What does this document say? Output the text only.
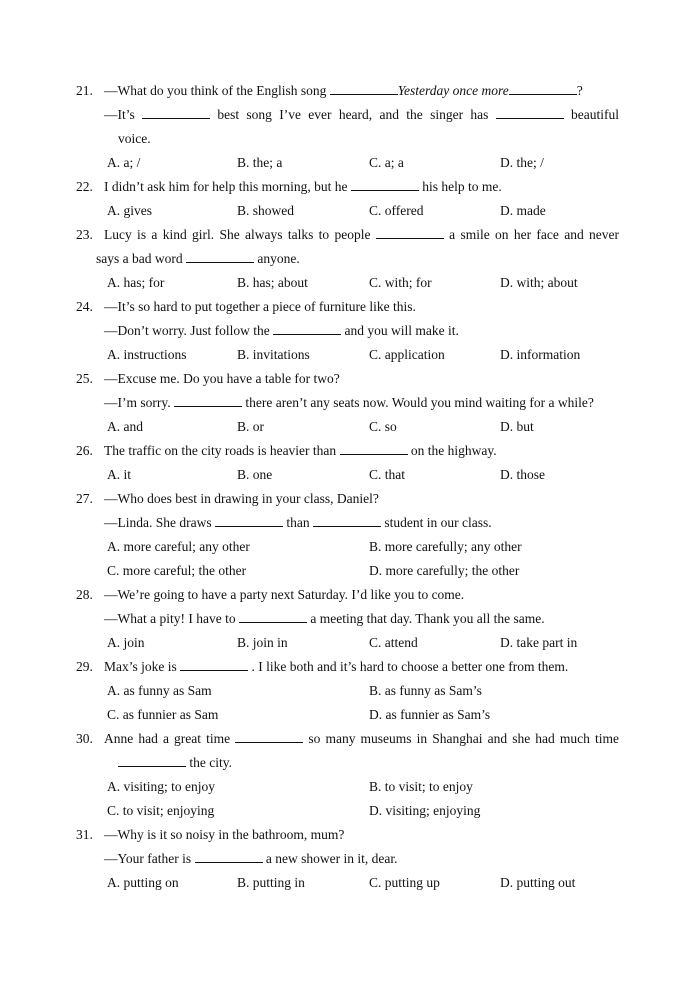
21. —What do you think of the English song	Yesterday once more	?
—It’s	best song I’ve ever heard, and the singer has	beautiful
voice.
A. a; /	B. the; a	C. a; a	D. the; /
22. I didn’t ask him for help this morning, but he	his help to me.
A. gives	B. showed	C. offered	D. made
23. Lucy is a kind girl. She always talks to people	a smile on her face and never
says a bad word	anyone.
A. has; for	B. has; about	C. with; for	D. with; about
24. —It’s so hard to put together a piece of furniture like this.
—Don’t worry. Just follow the	and you will make it.
A. instructions	B. invitations	C. application	D. information
25. —Excuse me. Do you have a table for two?
—I’m sorry.	there aren’t any seats now. Would you mind waiting for a while?
A. and	B. or	C. so	D. but
26. The traffic on the city roads is heavier than	on the highway.
A. it	B. one	C. that	D. those
27. —Who does best in drawing in your class, Daniel?
—Linda. She draws	than	student in our class.
A. more careful; any other	B. more carefully; any other
C. more careful; the other	D. more carefully; the other
28. —We’re going to have a party next Saturday. I’d like you to come.
—What a pity! I have to	a meeting that day. Thank you all the same.
A. join	B. join in	C. attend	D. take part in
29. Max’s joke is	. I like both and it’s hard to choose a better one from them.
A. as funny as Sam	B. as funny as Sam’s
C. as funnier as Sam	D. as funnier as Sam’s
30. Anne had a great time	so many museums in Shanghai and she had much time
the city.
A. visiting; to enjoy	B. to visit; to enjoy
C. to visit; enjoying	D. visiting; enjoying
31. —Why is it so noisy in the bathroom, mum?
—Your father is	a new shower in it, dear.
A. putting on	B. putting in	C. putting up	D. putting out
